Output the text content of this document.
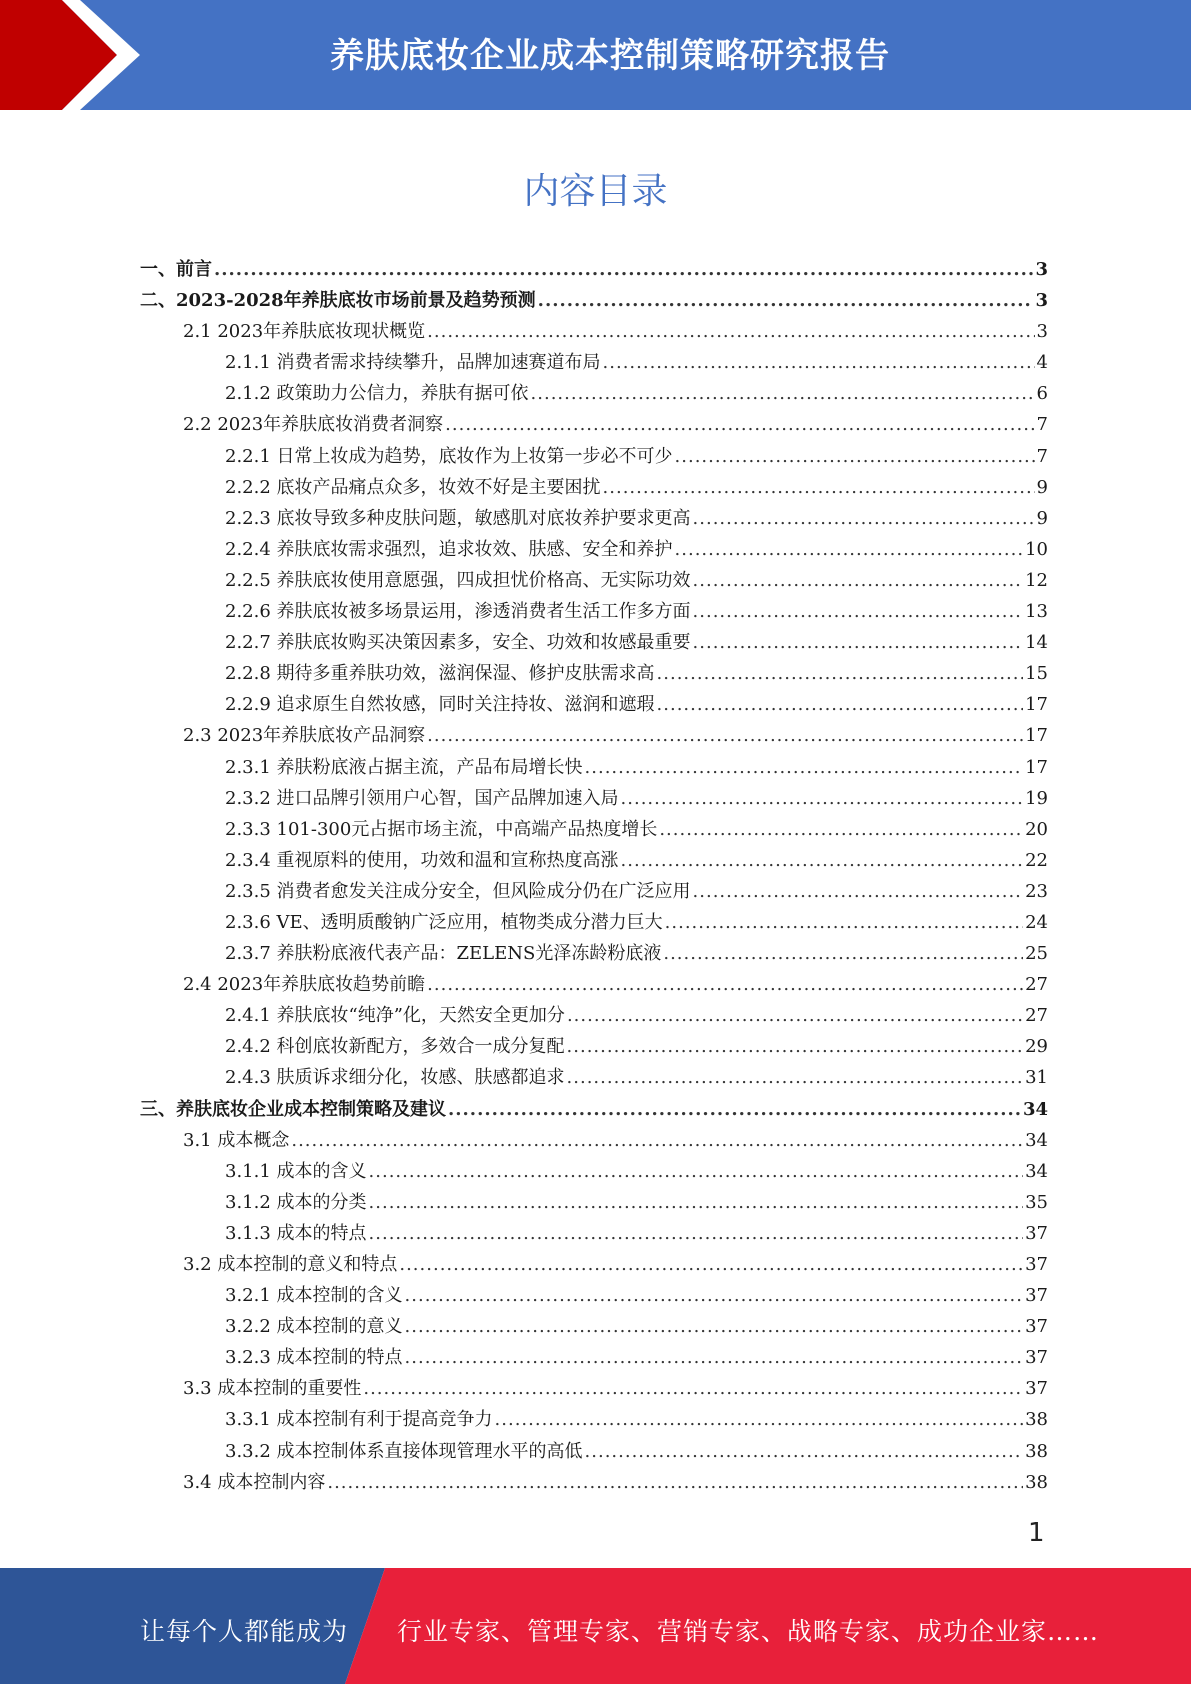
养肤底妆企业成本控制策略研究报告
内容目录
一、前言 .....	3
二、2023-2028年养肤底妆市场前景及趋势预测 .....	3
2.1 2023年养肤底妆现状概览 .....	3
2.1.1 消费者需求持续攀升，品牌加速赛道布局 .....	4
2.1.2 政策助力公信力，养肤有据可依 .....	6
2.2 2023年养肤底妆消费者洞察 .....	7
2.2.1 日常上妆成为趋势，底妆作为上妆第一步必不可少 .....	7
2.2.2 底妆产品痛点众多，妆效不好是主要困扰 .....	9
2.2.3 底妆导致多种皮肤问题，敏感肌对底妆养护要求更高 .....	9
2.2.4 养肤底妆需求强烈，追求妆效、肤感、安全和养护 .....	10
2.2.5 养肤底妆使用意愿强，四成担忧价格高、无实际功效 .....	12
2.2.6 养肤底妆被多场景运用，渗透消费者生活工作多方面 .....	13
2.2.7 养肤底妆购买决策因素多，安全、功效和妆感最重要 .....	14
2.2.8 期待多重养肤功效，滋润保湿、修护皮肤需求高 .....	15
2.2.9 追求原生自然妆感，同时关注持妆、滋润和遮瑕 .....	17
2.3 2023年养肤底妆产品洞察 .....	17
2.3.1 养肤粉底液占据主流，产品布局增长快 .....	17
2.3.2 进口品牌引领用户心智，国产品牌加速入局 .....	19
2.3.3 101-300元占据市场主流，中高端产品热度增长 .....	20
2.3.4 重视原料的使用，功效和温和宣称热度高涨 .....	22
2.3.5 消费者愈发关注成分安全，但风险成分仍在广泛应用 .....	23
2.3.6 VE、透明质酸钠广泛应用，植物类成分潜力巨大 .....	24
2.3.7 养肤粉底液代表产品：ZELENS光泽冻龄粉底液 .....	25
2.4 2023年养肤底妆趋势前瞻 .....	27
2.4.1 养肤底妆“纯净”化，天然安全更加分 .....	27
2.4.2 科创底妆新配方，多效合一成分复配 .....	29
2.4.3 肤质诉求细分化，妆感、肤感都追求 .....	31
三、养肤底妆企业成本控制策略及建议 .....	34
3.1 成本概念 .....	34
3.1.1 成本的含义 .....	34
3.1.2 成本的分类 .....	35
3.1.3 成本的特点 .....	37
3.2 成本控制的意义和特点 .....	37
3.2.1 成本控制的含义 .....	37
3.2.2 成本控制的意义 .....	37
3.2.3 成本控制的特点 .....	37
3.3 成本控制的重要性 .....	37
3.3.1 成本控制有利于提高竞争力 .....	38
3.3.2 成本控制体系直接体现管理水平的高低 .....	38
3.4 成本控制内容 .....	38
1
让每个人都能成为 行业专家、管理专家、营销专家、战略专家、成功企业家……
